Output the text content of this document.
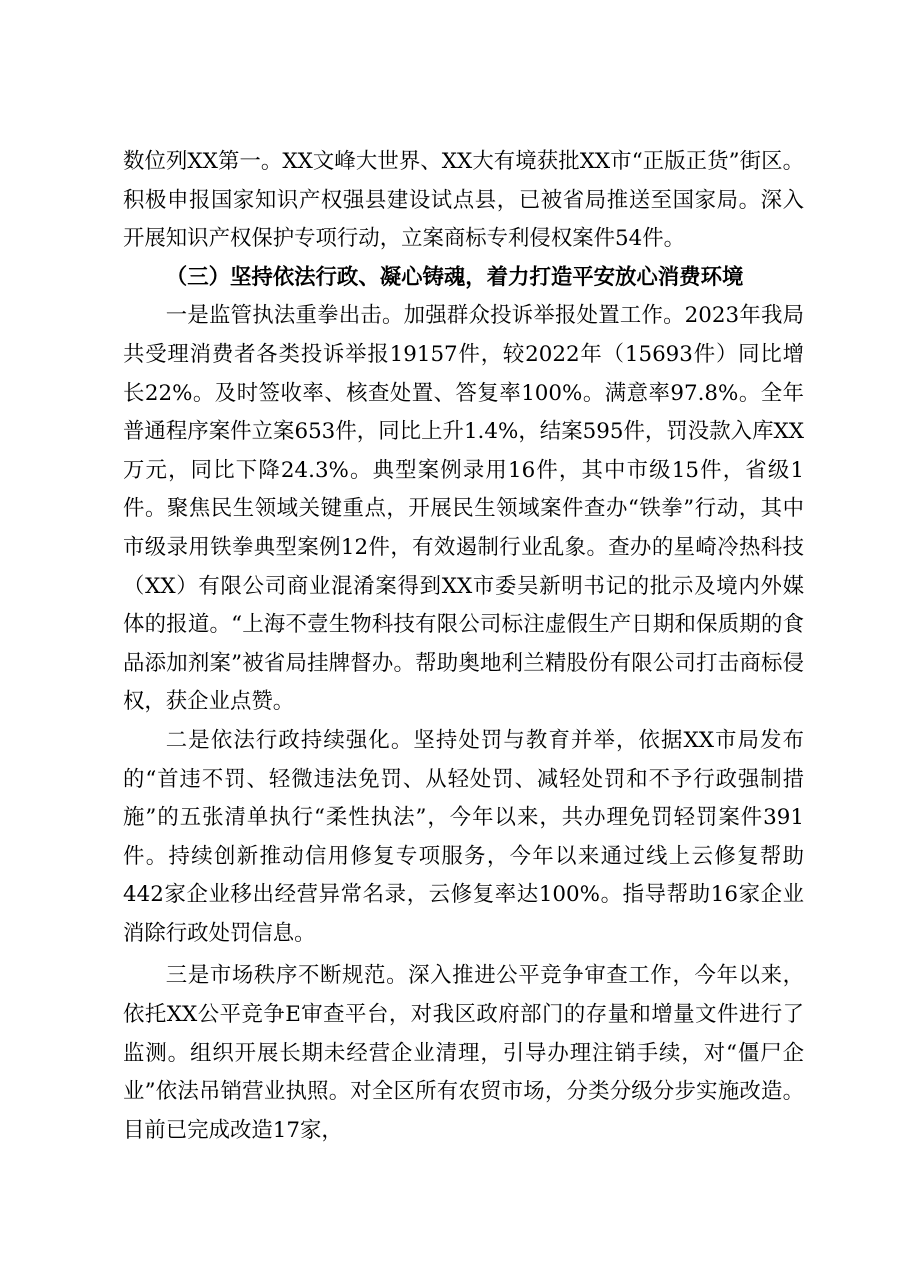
数位列XX第一。XX文峰大世界、XX大有境获批XX市“正版正货”街区。积极申报国家知识产权强县建设试点县，已被省局推送至国家局。深入开展知识产权保护专项行动，立案商标专利侵权案件54件。

（三）坚持依法行政、凝心铸魂，着力打造平安放心消费环境

一是监管执法重拳出击。加强群众投诉举报处置工作。2023年我局共受理消费者各类投诉举报19157件，较2022年（15693件）同比增长22%。及时签收率、核查处置、答复率100%。满意率97.8%。全年普通程序案件立案653件，同比上升1.4%，结案595件，罚没款入库XX万元，同比下降24.3%。典型案例录用16件，其中市级15件，省级1件。聚焦民生领域关键重点，开展民生领域案件查办“铁拳”行动，其中市级录用铁拳典型案例12件，有效遏制行业乱象。查办的星崎冷热科技（XX）有限公司商业混淆案得到XX市委吴新明书记的批示及境内外媒体的报道。“上海不壹生物科技有限公司标注虚假生产日期和保质期的食品添加剂案”被省局挂牌督办。帮助奥地利兰精股份有限公司打击商标侵权，获企业点赞。

二是依法行政持续强化。坚持处罚与教育并举，依据XX市局发布的“首违不罚、轻微违法免罚、从轻处罚、减轻处罚和不予行政强制措施”的五张清单执行“柔性执法”，今年以来，共办理免罚轻罚案件391件。持续创新推动信用修复专项服务，今年以来通过线上云修复帮助442家企业移出经营异常名录，云修复率达100%。指导帮助16家企业消除行政处罚信息。

三是市场秩序不断规范。深入推进公平竞争审查工作，今年以来，依托XX公平竞争E审查平台，对我区政府部门的存量和增量文件进行了监测。组织开展长期未经营企业清理，引导办理注销手续，对“僵尸企业”依法吊销营业执照。对全区所有农贸市场，分类分级分步实施改造。目前已完成改造17家，
